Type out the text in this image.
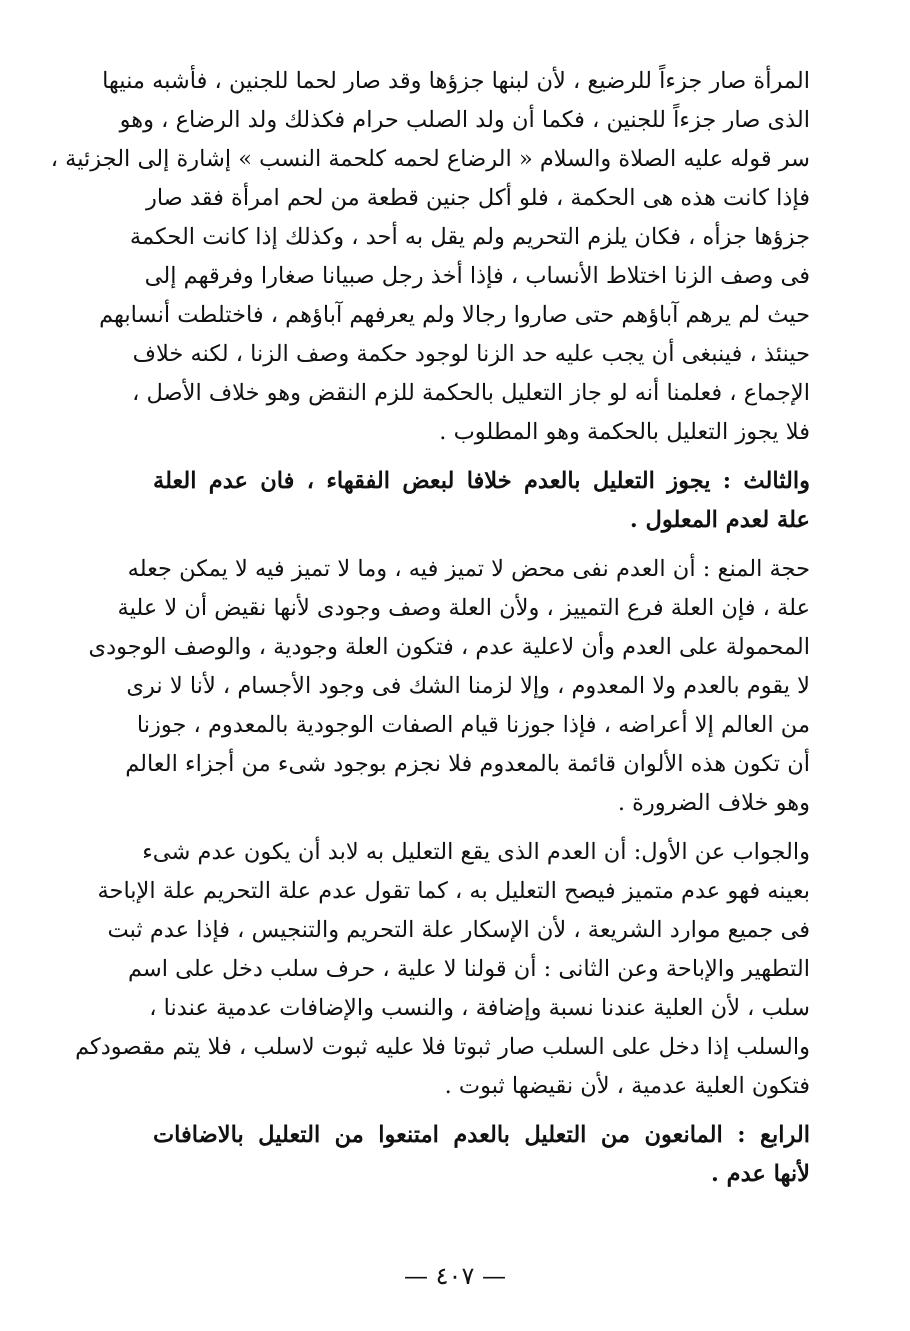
المرأة صار جزءاً للرضيع ، لأن لبنها جزؤها وقد صار لحما للجنين ، فأشبه منيها
الذى صار جزءاً للجنين ، فكما أن ولد الصلب حرام فكذلك ولد الرضاع ، وهو
سر قوله عليه الصلاة والسلام « الرضاع لحمه كلحمة النسب » إشارة إلى الجزئية ،
فإذا كانت هذه هى الحكمة ، فلو أكل جنين قطعة من لحم امرأة فقد صار
جزؤها جزأه ، فكان يلزم التحريم ولم يقل به أحد ، وكذلك إذا كانت الحكمة
فى وصف الزنا اختلاط الأنساب ، فإذا أخذ رجل صبيانا صغارا وفرقهم إلى
حيث لم يرهم آباؤهم حتى صاروا رجالا ولم يعرفهم آباؤهم ، فاختلطت أنسابهم
حينئذ ، فينبغى أن يجب عليه حد الزنا لوجود حكمة وصف الزنا ، لكنه خلاف
الإجماع ، فعلمنا أنه لو جاز التعليل بالحكمة للزم النقض وهو خلاف الأصل ،
فلا يجوز التعليل بالحكمة وهو المطلوب .
والثالث : يجوز التعليل بالعدم خلافا لبعض الفقهاء ، فان عدم العلة
علة لعدم المعلول .
حجة المنع : أن العدم نفى محض لا تميز فيه ، وما لا تميز فيه لا يمكن جعله
علة ، فإن العلة فرع التمييز ، ولأن العلة وصف وجودى لأنها نقيض أن لا علية
المحمولة على العدم وأن لاعلية عدم ، فتكون العلة وجودية ، والوصف الوجودى
لا يقوم بالعدم ولا المعدوم ، وإلا لزمنا الشك فى وجود الأجسام ، لأنا لا نرى
من العالم إلا أعراضه ، فإذا جوزنا قيام الصفات الوجودية بالمعدوم ، جوزنا
أن تكون هذه الألوان قائمة بالمعدوم فلا نجزم بوجود شىء من أجزاء العالم
وهو خلاف الضرورة .
والجواب عن الأول: أن العدم الذى يقع التعليل به لابد أن يكون عدم شىء
بعينه فهو عدم متميز فيصح التعليل به ، كما تقول عدم علة التحريم علة الإباحة
فى جميع موارد الشريعة ، لأن الإسكار علة التحريم والتنجيس ، فإذا عدم ثبت
التطهير والإباحة وعن الثانى : أن قولنا لا علية ، حرف سلب دخل على اسم
سلب ، لأن العلية عندنا نسبة وإضافة ، والنسب والإضافات عدمية عندنا ،
والسلب إذا دخل على السلب صار ثبوتا فلا عليه ثبوت لاسلب ، فلا يتم مقصودكم
فتكون العلية عدمية ، لأن نقيضها ثبوت .
الرابع : المانعون من التعليل بالعدم امتنعوا من التعليل بالاضافات
لأنها عدم .
— ٤٠٧ —
